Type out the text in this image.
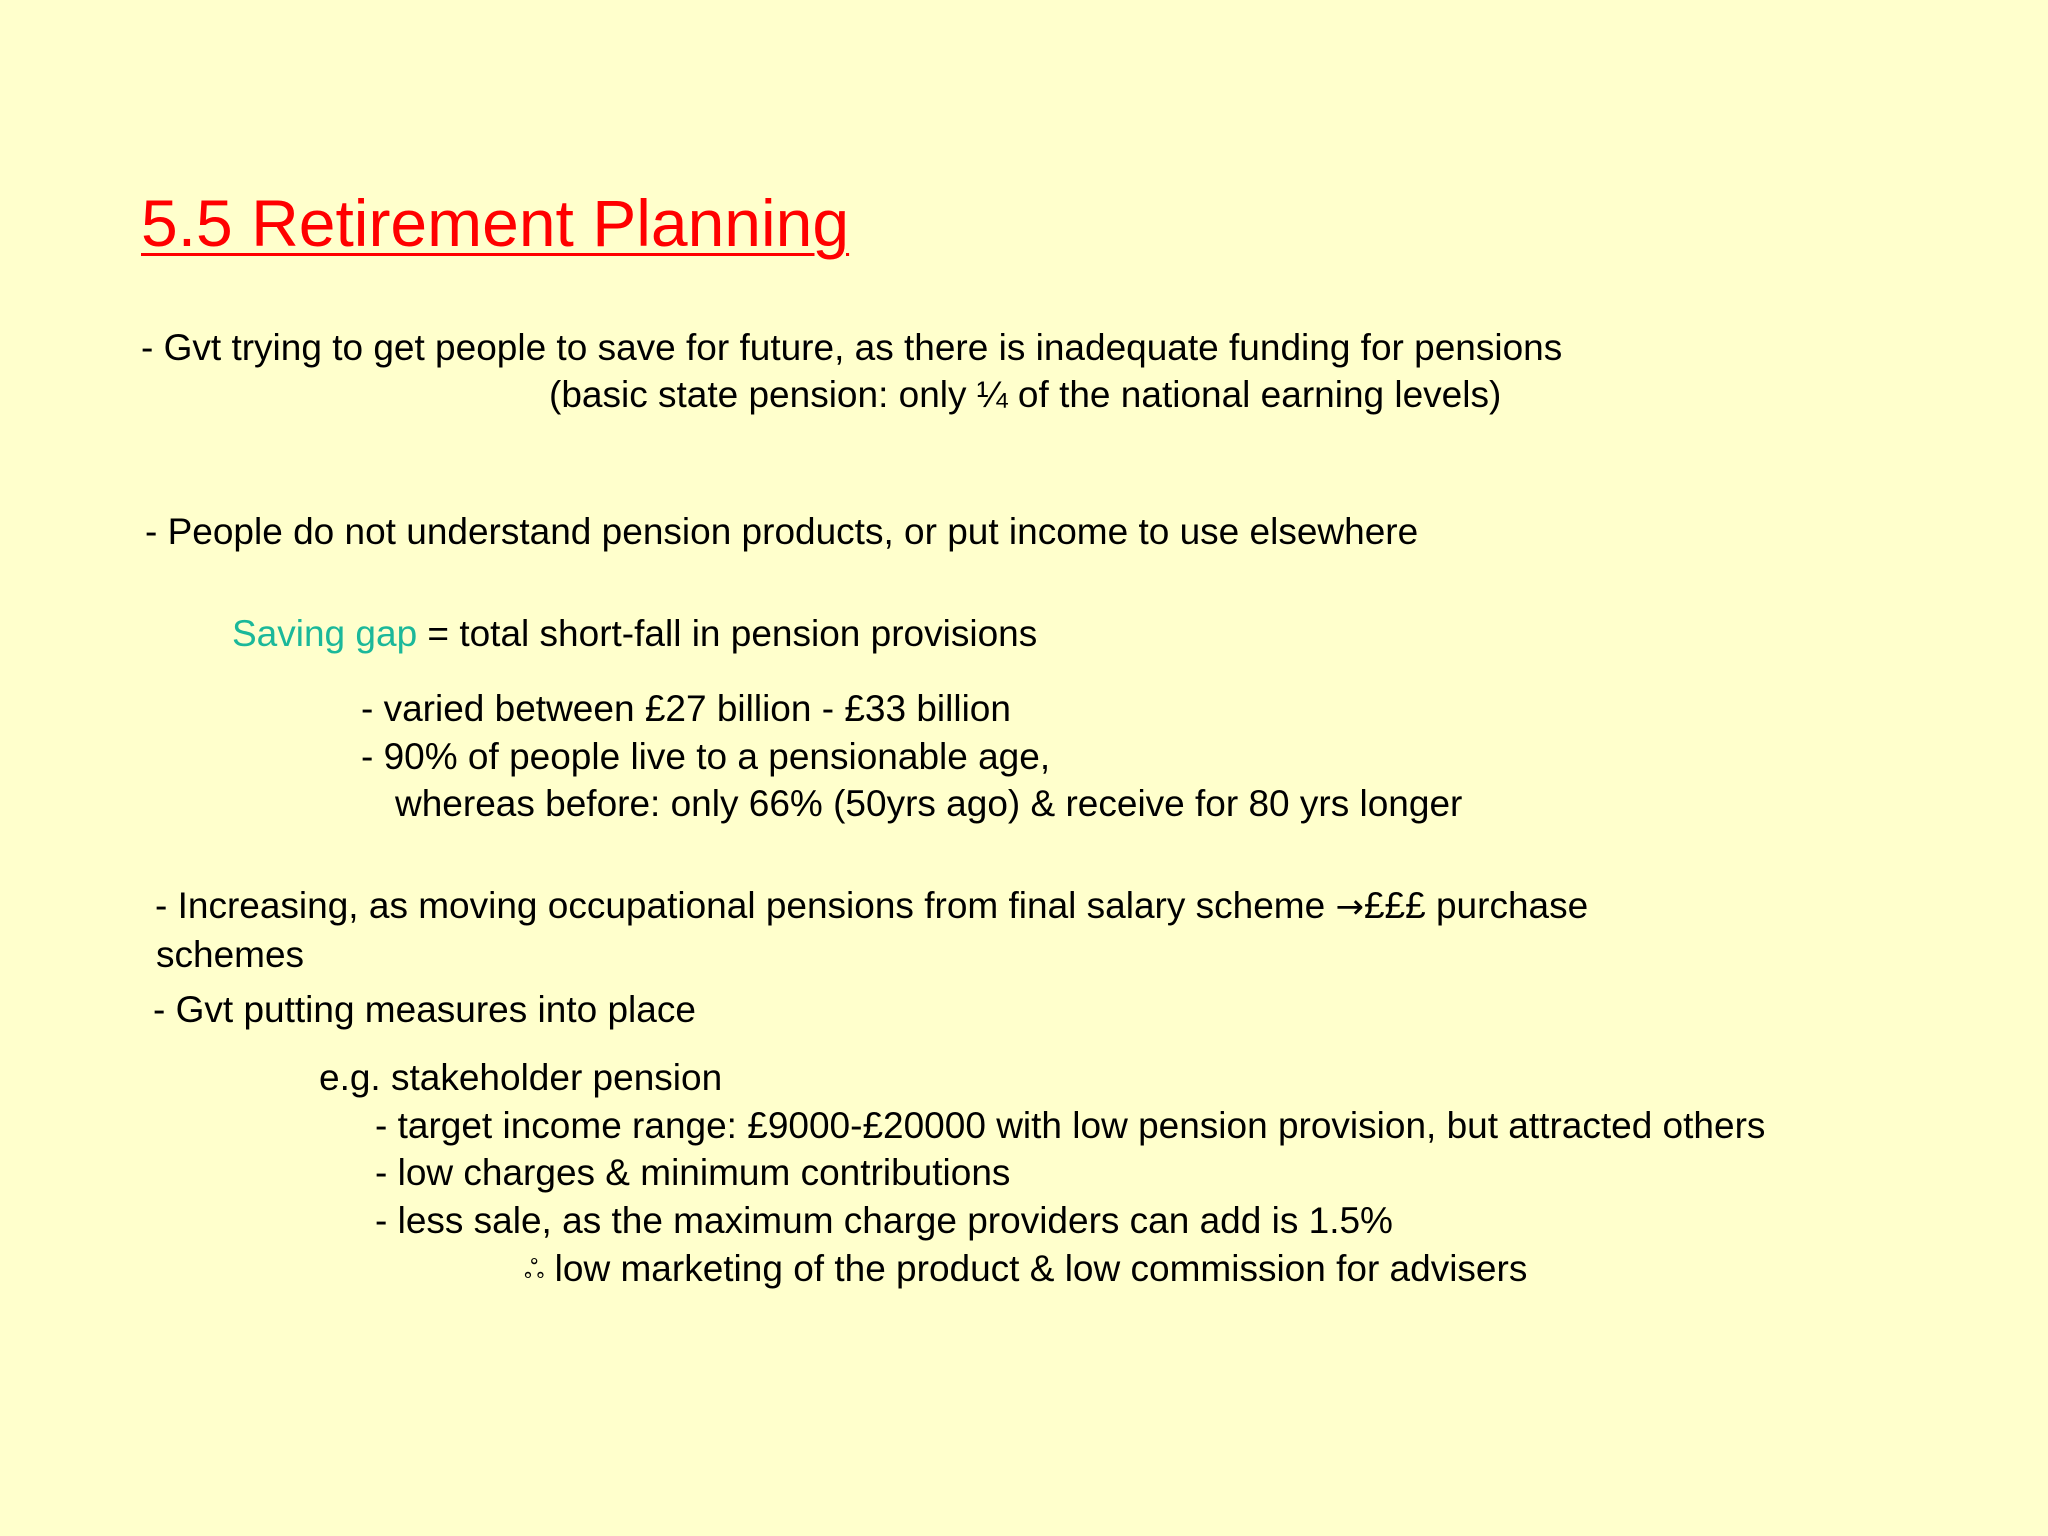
5.5 Retirement Planning
- Gvt trying to get people to save for future, as there is inadequate funding for pensions
(basic state pension: only ¼ of the national earning levels)
- People do not understand pension products, or put income to use elsewhere
Saving gap = total short-fall in pension provisions
- varied between £27 billion - £33 billion
- 90% of people live to a pensionable age,
whereas before: only 66% (50yrs ago) & receive for 80 yrs longer
- Increasing, as moving occupational pensions from final salary scheme →£££ purchase
schemes
- Gvt putting measures into place
e.g. stakeholder pension
- target income range: £9000-£20000 with low pension provision, but attracted others
- low charges & minimum contributions
- less sale, as the maximum charge providers can add is 1.5%
ஃ low marketing of the product & low commission for advisers
